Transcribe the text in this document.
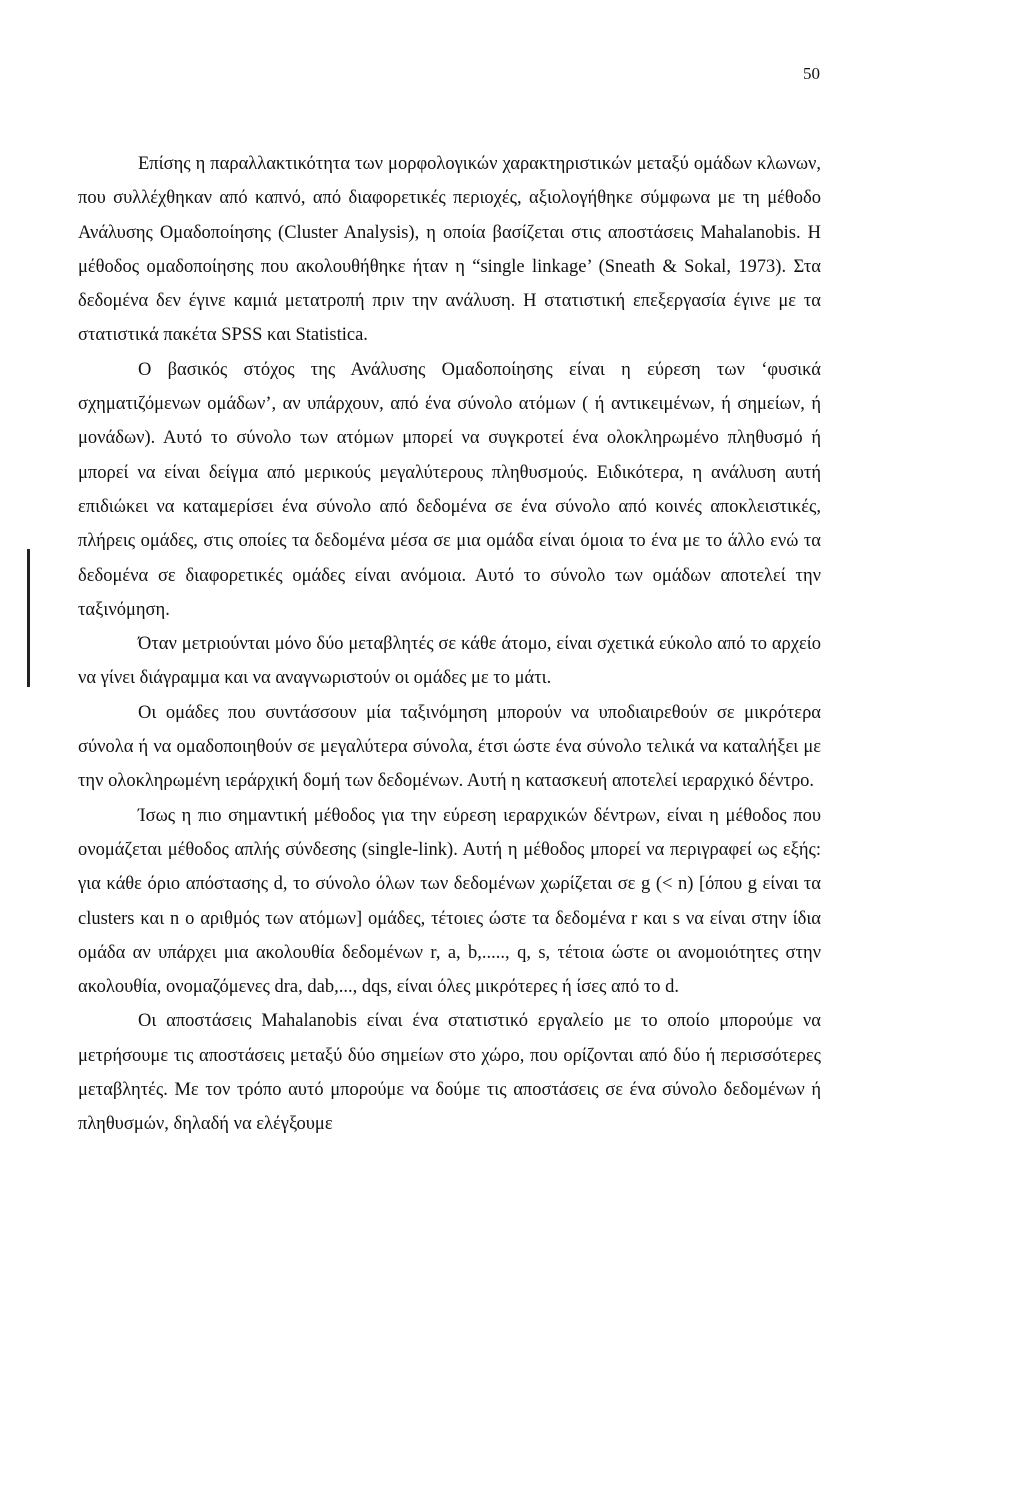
50

Επίσης η παραλλακτικότητα των μορφολογικών χαρακτηριστικών μεταξύ ομάδων κλωνων, που συλλέχθηκαν από καπνό, από διαφορετικές περιοχές, αξιολογήθηκε σύμφωνα με τη μέθοδο Ανάλυσης Ομαδοποίησης (Cluster Analysis), η οποία βασίζεται στις αποστάσεις Mahalanobis. Η μέθοδος ομαδοποίησης που ακολουθήθηκε ήταν η “single linkage’ (Sneath & Sokal, 1973). Στα δεδομένα δεν έγινε καμιά μετατροπή πριν την ανάλυση. Η στατιστική επεξεργασία έγινε με τα στατιστικά πακέτα SPSS και Statistica.

Ο βασικός στόχος της Ανάλυσης Ομαδοποίησης είναι η εύρεση των ‘φυσικά σχηματιζόμενων ομάδων’, αν υπάρχουν, από ένα σύνολο ατόμων ( ή αντικειμένων, ή σημείων, ή μονάδων). Αυτό το σύνολο των ατόμων μπορεί να συγκροτεί ένα ολοκληρωμένο πληθυσμό ή μπορεί να είναι δείγμα από μερικούς μεγαλύτερους πληθυσμούς. Ειδικότερα, η ανάλυση αυτή επιδιώκει να καταμερίσει ένα σύνολο από δεδομένα σε ένα σύνολο από κοινές αποκλειστικές, πλήρεις ομάδες, στις οποίες τα δεδομένα μέσα σε μια ομάδα είναι όμοια το ένα με το άλλο ενώ τα δεδομένα σε διαφορετικές ομάδες είναι ανόμοια. Αυτό το σύνολο των ομάδων αποτελεί την ταξινόμηση.

Όταν μετριούνται μόνο δύο μεταβλητές σε κάθε άτομο, είναι σχετικά εύκολο από το αρχείο να γίνει διάγραμμα και να αναγνωριστούν οι ομάδες με το μάτι.

Οι ομάδες που συντάσσουν μία ταξινόμηση μπορούν να υποδιαιρεθούν σε μικρότερα σύνολα ή να ομαδοποιηθούν σε μεγαλύτερα σύνολα, έτσι ώστε ένα σύνολο τελικά να καταλήξει με την ολοκληρωμένη ιεράρχική δομή των δεδομένων. Αυτή η κατασκευή αποτελεί ιεραρχικό δέντρο.

Ίσως η πιο σημαντική μέθοδος για την εύρεση ιεραρχικών δέντρων, είναι η μέθοδος που ονομάζεται μέθοδος απλής σύνδεσης (single-link). Αυτή η μέθοδος μπορεί να περιγραφεί ως εξής: για κάθε όριο απόστασης d, το σύνολο όλων των δεδομένων χωρίζεται σε g (< n) [όπου g είναι τα clusters και n ο αριθμός των ατόμων] ομάδες, τέτοιες ώστε τα δεδομένα r και s να είναι στην ίδια ομάδα αν υπάρχει μια ακολουθία δεδομένων r, a, b,....., q, s, τέτοια ώστε οι ανομοιότητες στην ακολουθία, ονομαζόμενες dra, dab,..., dqs, είναι όλες μικρότερες ή ίσες από το d.

Οι αποστάσεις Mahalanobis είναι ένα στατιστικό εργαλείο με το οποίο μπορούμε να μετρήσουμε τις αποστάσεις μεταξύ δύο σημείων στο χώρο, που ορίζονται από δύο ή περισσότερες μεταβλητές. Με τον τρόπο αυτό μπορούμε να δούμε τις αποστάσεις σε ένα σύνολο δεδομένων ή πληθυσμών, δηλαδή να ελέγξουμε
